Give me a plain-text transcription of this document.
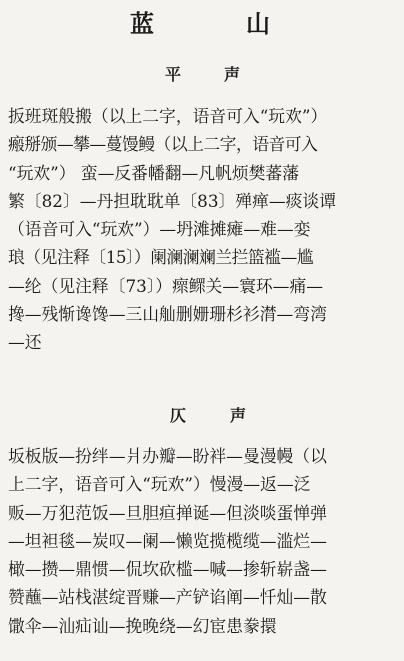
蓝	山
平	声
扳班斑般搬（以上二字，语音可入“玩欢”）
瘢掰颁—攀—蔓馒鳗（以上二字，语音可入
“玩欢”） 蛮—反番幡翻—凡帆烦樊蕃藩
繁〔82〕—丹担耽耽单〔83〕殚瘅—痰谈谭
（语音可入“玩欢”）—坍滩摊瘫—难—娈
琅（见注释〔15〕）阑澜澜斓兰拦篮褴—尴
—纶（见注释〔73〕）瘝鳏关—寰环—痛—
搀—残惭谗馋—三山舢删姗珊杉衫潸—弯湾
—还
仄	声
坂板版—扮绊—爿办瓣—盼袢—曼漫幔（以
上二字，语音可入“玩欢”）慢漫—返—泛
贩—万犯范饭—旦胆疸掸诞—但淡啖蛋惮弹
—坦袒毯—炭叹—阑—懒览揽榄缆—滥烂—
橄—攒—鼎惯—侃坎砍槛—喊—掺斩崭盏—
赞蘸—站栈湛绽晋赚—产铲谄阐—忏灿—散
馓伞—汕疝讪—挽晚绕—幻宦患豢擐
